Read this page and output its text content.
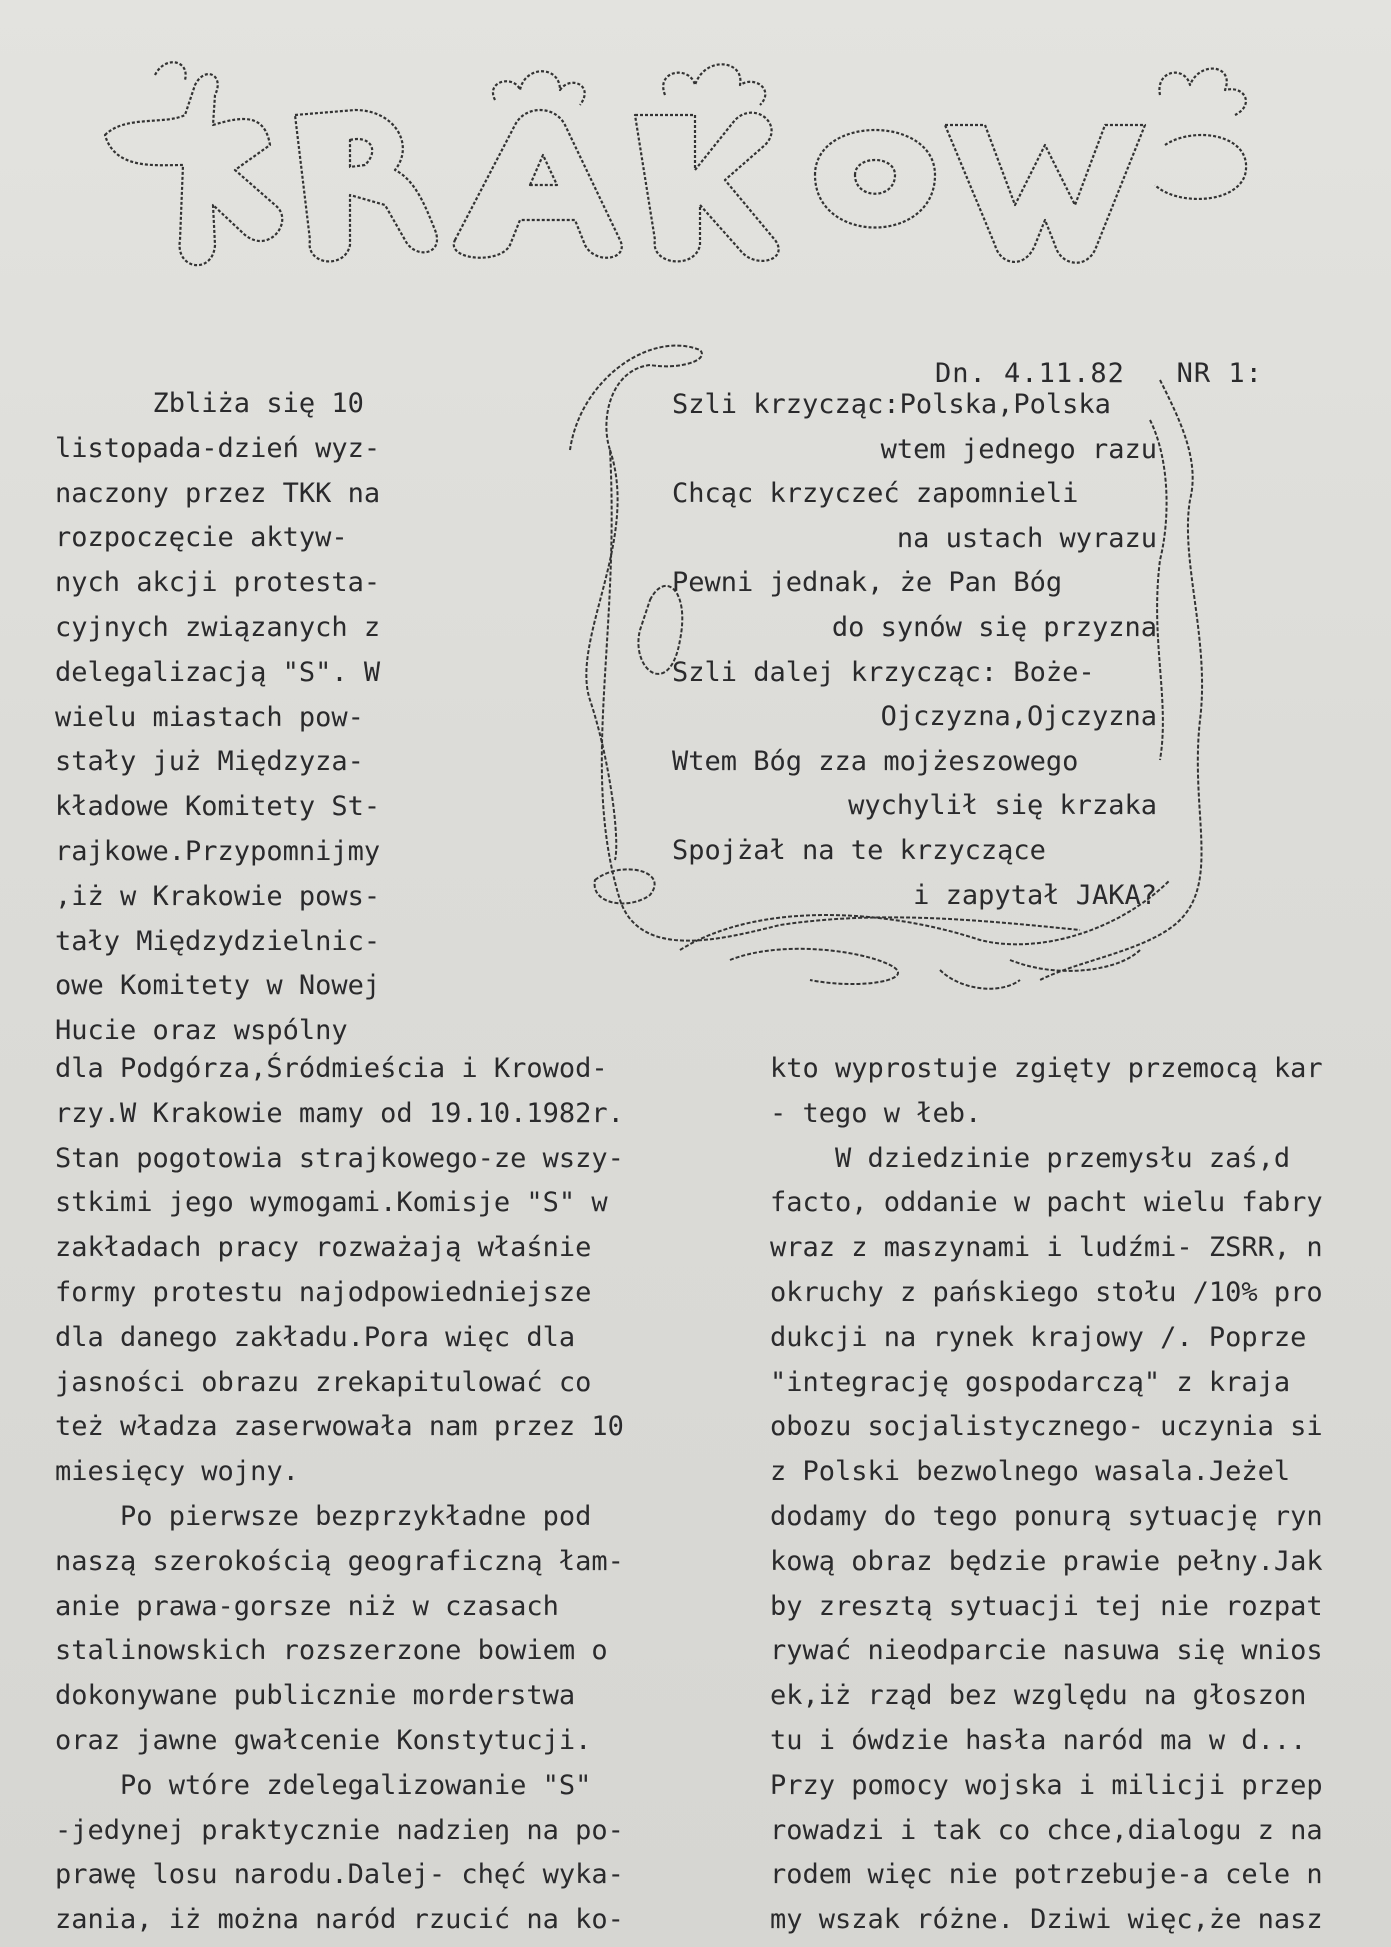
Dn. 4.11.82 NR 1:

Szli krzycząc:Polska,Polska
wtem jednego razu
Chcąc krzyczeć zapomnieli
na ustach wyrazu
Pewni jednak, że Pan Bóg
do synów się przyzna
Szli dalej krzycząc: Boże-
Ojczyzna,Ojczyzna
Wtem Bóg zza mojżeszowego
wychylił się krzaka
Spojżał na te krzyczące
i zapytał JAKA?
Zbliża się 10
listopada-dzień wyz-
naczony przez TKK na
rozpoczęcie aktyw-
nych akcji protesta-
cyjnych związanych z
delegalizacją "S". W
wielu miastach pow-
stały już Międzyza-
kładowe Komitety St-
rajkowe.Przypomnijmy
,iż w Krakowie pows-
tały Międzydzielnic-
owe Komitety w Nowej
Hucie oraz wspólny
dla Podgórza,Śródmieścia i Krowod-
rzy.W Krakowie mamy od 19.10.1982r.
Stan pogotowia strajkowego-ze wszy-
stkimi jego wymogami.Komisje "S" w
zakładach pracy rozważają właśnie
formy protestu najodpowiedniejsze
dla danego zakładu.Pora więc dla
jasności obrazu zrekapitulować co
też władza zaserwowała nam przez 10
miesięcy wojny.
Po pierwsze bezprzykładne pod
naszą szerokością geograficzną łam-
anie prawa-gorsze niż w czasach
stalinowskich rozszerzone bowiem o
dokonywane publicznie morderstwa
oraz jawne gwałcenie Konstytucji.
Po wtóre zdelegalizowanie "S"
-jedynej praktycznie nadzieŋ na po-
prawę losu narodu.Dalej- chęć wyka-
zania, iż można naród rzucić na ko-
kto wyprostuje zgięty przemocą kar
- tego w łeb.
W dziedzinie przemysłu zaś,d
facto, oddanie w pacht wielu fabry
wraz z maszynami i ludźmi- ZSRR, n
okruchy z pańskiego stołu /10% pro
dukcji na rynek krajowy /. Poprze
"integrację gospodarczą" z kraja
obozu socjalistycznego- uczynia si
z Polski bezwolnego wasala.Jeżel
dodamy do tego ponurą sytuację ryn
kową obraz będzie prawie pełny.Jak
by zresztą sytuacji tej nie rozpat
rywać nieodparcie nasuwa się wnios
ek,iż rząd bez względu na głoszon
tu i ówdzie hasła naród ma w d...
Przy pomocy wojska i milicji przep
rowadzi i tak co chce,dialogu z na
rodem więc nie potrzebuje-a cele n
my wszak różne. Dziwi więc,że nasz
